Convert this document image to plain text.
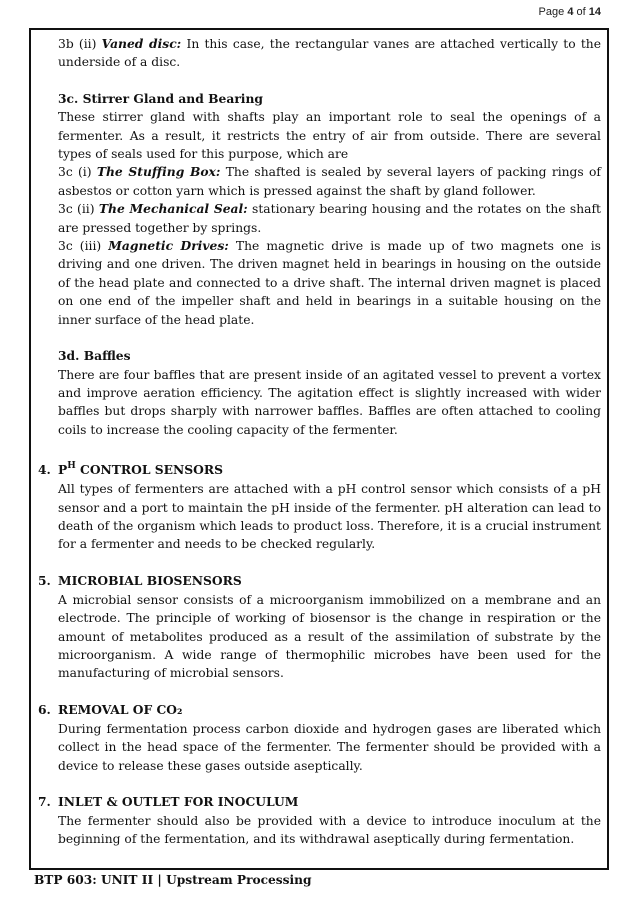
Page 4 of 14

3b (ii) Vaned disc: In this case, the rectangular vanes are attached vertically to the underside of a disc.

3c. Stirrer Gland and Bearing

These stirrer gland with shafts play an important role to seal the openings of a fermenter. As a result, it restricts the entry of air from outside. There are several types of seals used for this purpose, which are

3c (i) The Stuffing Box: The shafted is sealed by several layers of packing rings of asbestos or cotton yarn which is pressed against the shaft by gland follower.

3c (ii) The Mechanical Seal: stationary bearing housing and the rotates on the shaft are pressed together by springs.

3c (iii) Magnetic Drives: The magnetic drive is made up of two magnets one is driving and one driven. The driven magnet held in bearings in housing on the outside of the head plate and connected to a drive shaft. The internal driven magnet is placed on one end of the impeller shaft and held in bearings in a suitable housing on the inner surface of the head plate.

3d. Baffles

There are four baffles that are present inside of an agitated vessel to prevent a vortex and improve aeration efficiency. The agitation effect is slightly increased with wider baffles but drops sharply with narrower baffles. Baffles are often attached to cooling coils to increase the cooling capacity of the fermenter.

4. $P^H$ CONTROL SENSORS

All types of fermenters are attached with a pH control sensor which consists of a pH sensor and a port to maintain the pH inside of the fermenter. pH alteration can lead to death of the organism which leads to product loss. Therefore, it is a crucial instrument for a fermenter and needs to be checked regularly.

5. MICROBIAL BIOSENSORS

A microbial sensor consists of a microorganism immobilized on a membrane and an electrode. The principle of working of biosensor is the change in respiration or the amount of metabolites produced as a result of the assimilation of substrate by the microorganism. A wide range of thermophilic microbes have been used for the manufacturing of microbial sensors.

6. REMOVAL OF CO₂

During fermentation process carbon dioxide and hydrogen gases are liberated which collect in the head space of the fermenter. The fermenter should be provided with a device to release these gases outside aseptically.

7. INLET & OUTLET FOR INOCULUM

The fermenter should also be provided with a device to introduce inoculum at the beginning of the fermentation, and its withdrawal aseptically during fermentation.

BTP 603: UNIT II | Upstream Processing
